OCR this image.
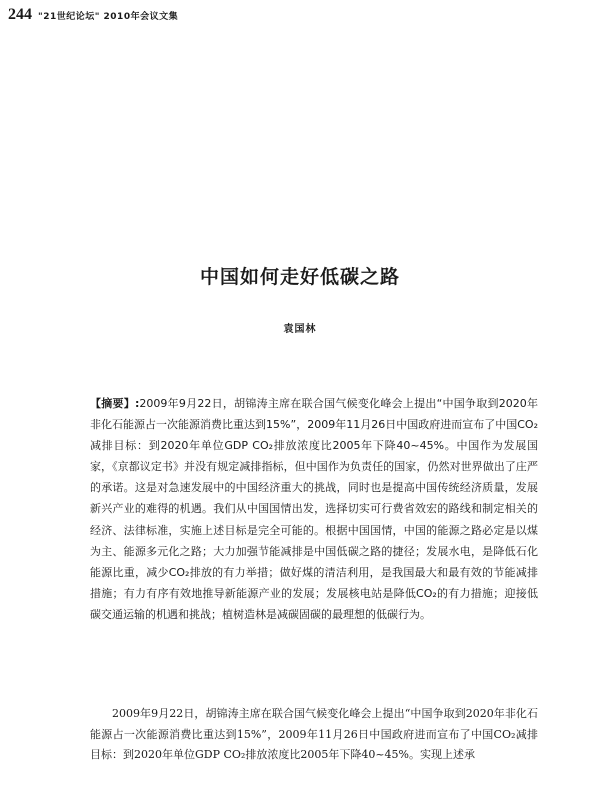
244 "21世纪论坛" 2010年会议文集
中国如何走好低碳之路
袁国林

【摘要】:2009年9月22日，胡锦涛主席在联合国气候变化峰会上提出“中国争取到2020年非化石能源占一次能源消费比重达到15%”，2009年11月26日中国政府进而宣布了中国CO₂减排目标：到2020年单位GDP CO₂排放浓度比2005年下降40~45%。中国作为发展国家，《京都议定书》并没有规定减排指标，但中国作为负责任的国家，仍然对世界做出了庄严的承诺。这是对急速发展中的中国经济重大的挑战，同时也是提高中国传统经济质量，发展新兴产业的难得的机遇。我们从中国国情出发，选择切实可行费省效宏的路线和制定相关的经济、法律标准，实施上述目标是完全可能的。根据中国国情，中国的能源之路必定是以煤为主、能源多元化之路；大力加强节能减排是中国低碳之路的捷径；发展水电，是降低石化能源比重，减少CO₂排放的有力举措；做好煤的清洁利用，是我国最大和最有效的节能减排措施；有力有序有效地推导新能源产业的发展；发展核电站是降低CO₂的有力措施；迎接低碳交通运输的机遇和挑战；植树造林是减碳固碳的最理想的低碳行为。

2009年9月22日，胡锦涛主席在联合国气候变化峰会上提出“中国争取到2020年非化石能源占一次能源消费比重达到15%”，2009年11月26日中国政府进而宣布了中国CO₂减排目标：到2020年单位GDP CO₂排放浓度比2005年下降40~45%。实现上述承
